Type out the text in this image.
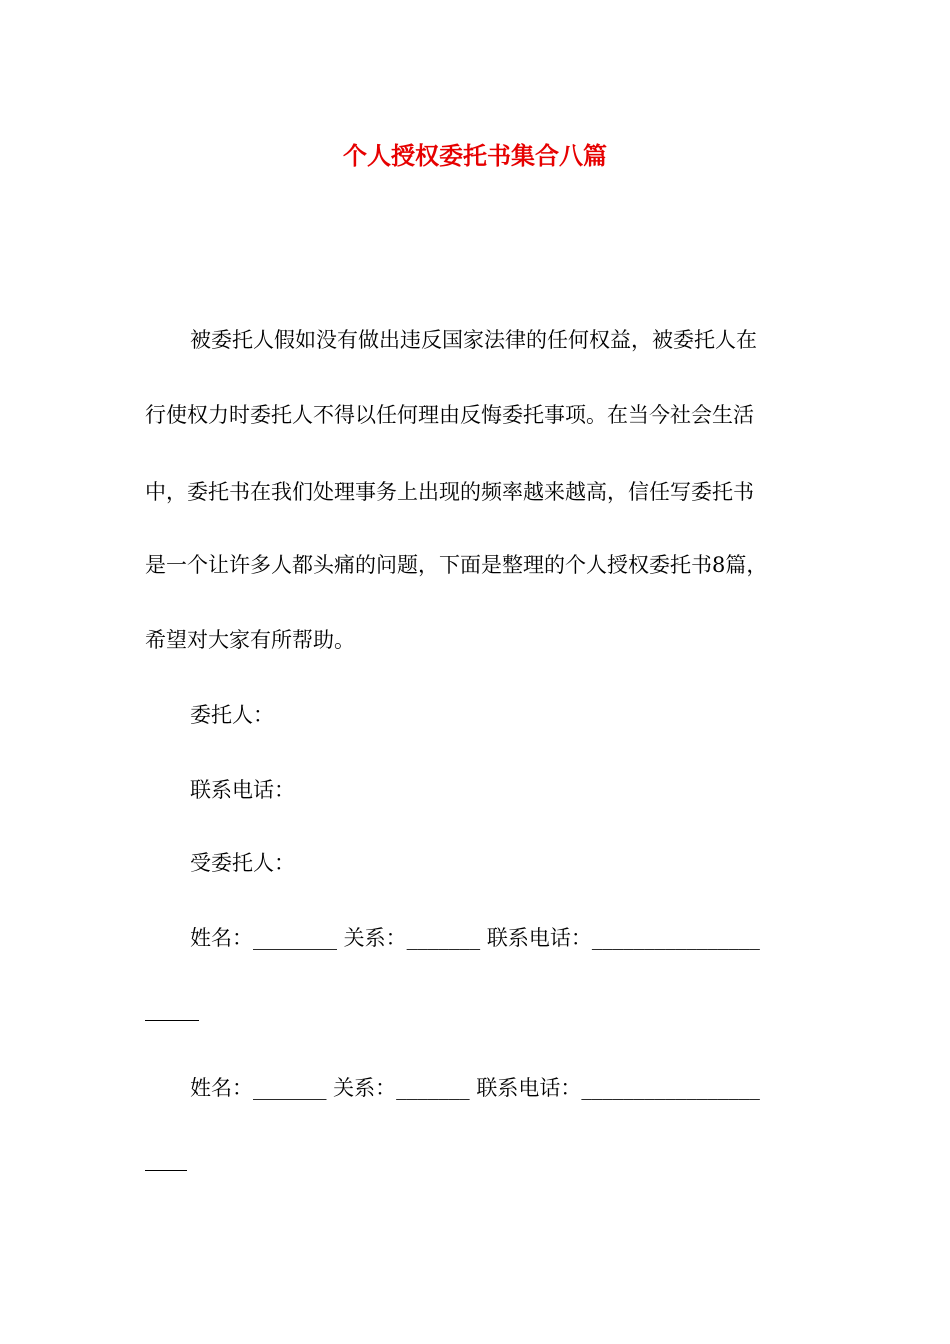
个人授权委托书集合八篇
被委托人假如没有做出违反国家法律的任何权益，被委托人在
行使权力时委托人不得以任何理由反悔委托事项。在当今社会生活
中，委托书在我们处理事务上出现的频率越来越高，信任写委托书
是一个让许多人都头痛的问题，下面是整理的个人授权委托书8篇，
希望对大家有所帮助。
委托人：
联系电话：
受委托人：
姓名：________ 关系：_______ 联系电话：________________
姓名：_______ 关系：_______ 联系电话：_________________
